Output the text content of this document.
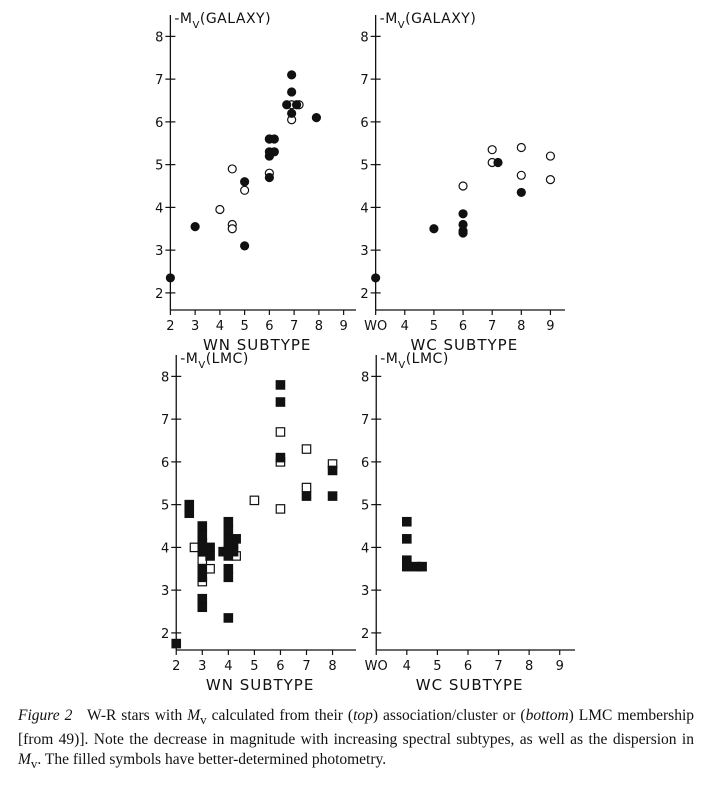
2
3
4
5
6
7
8
2 3 4 5 6 7 8 9
$-M_V(GALAXY)$
WN SUBTYPE
2
3
4
5
6
7
8
WO 4 5 6 7 8 9
$-M_V(GALAXY)$
WC SUBTYPE
2
3
4
5
6
7
8
2 3 4 5 6 7 8
$-M_V(LMC)$
WN SUBTYPE
2
3
4
5
6
7
8
WO 4 5 6 7 8 9
$-M_V(LMC)$
WC SUBTYPE
Figure 2 W-R stars with $M_v$ calculated from their (top) association/cluster or (bottom) LMC membership [from 49)]. Note the decrease in magnitude with increasing spectral subtypes, as well as the dispersion in $M_v$. The filled symbols have better-determined photometry.
